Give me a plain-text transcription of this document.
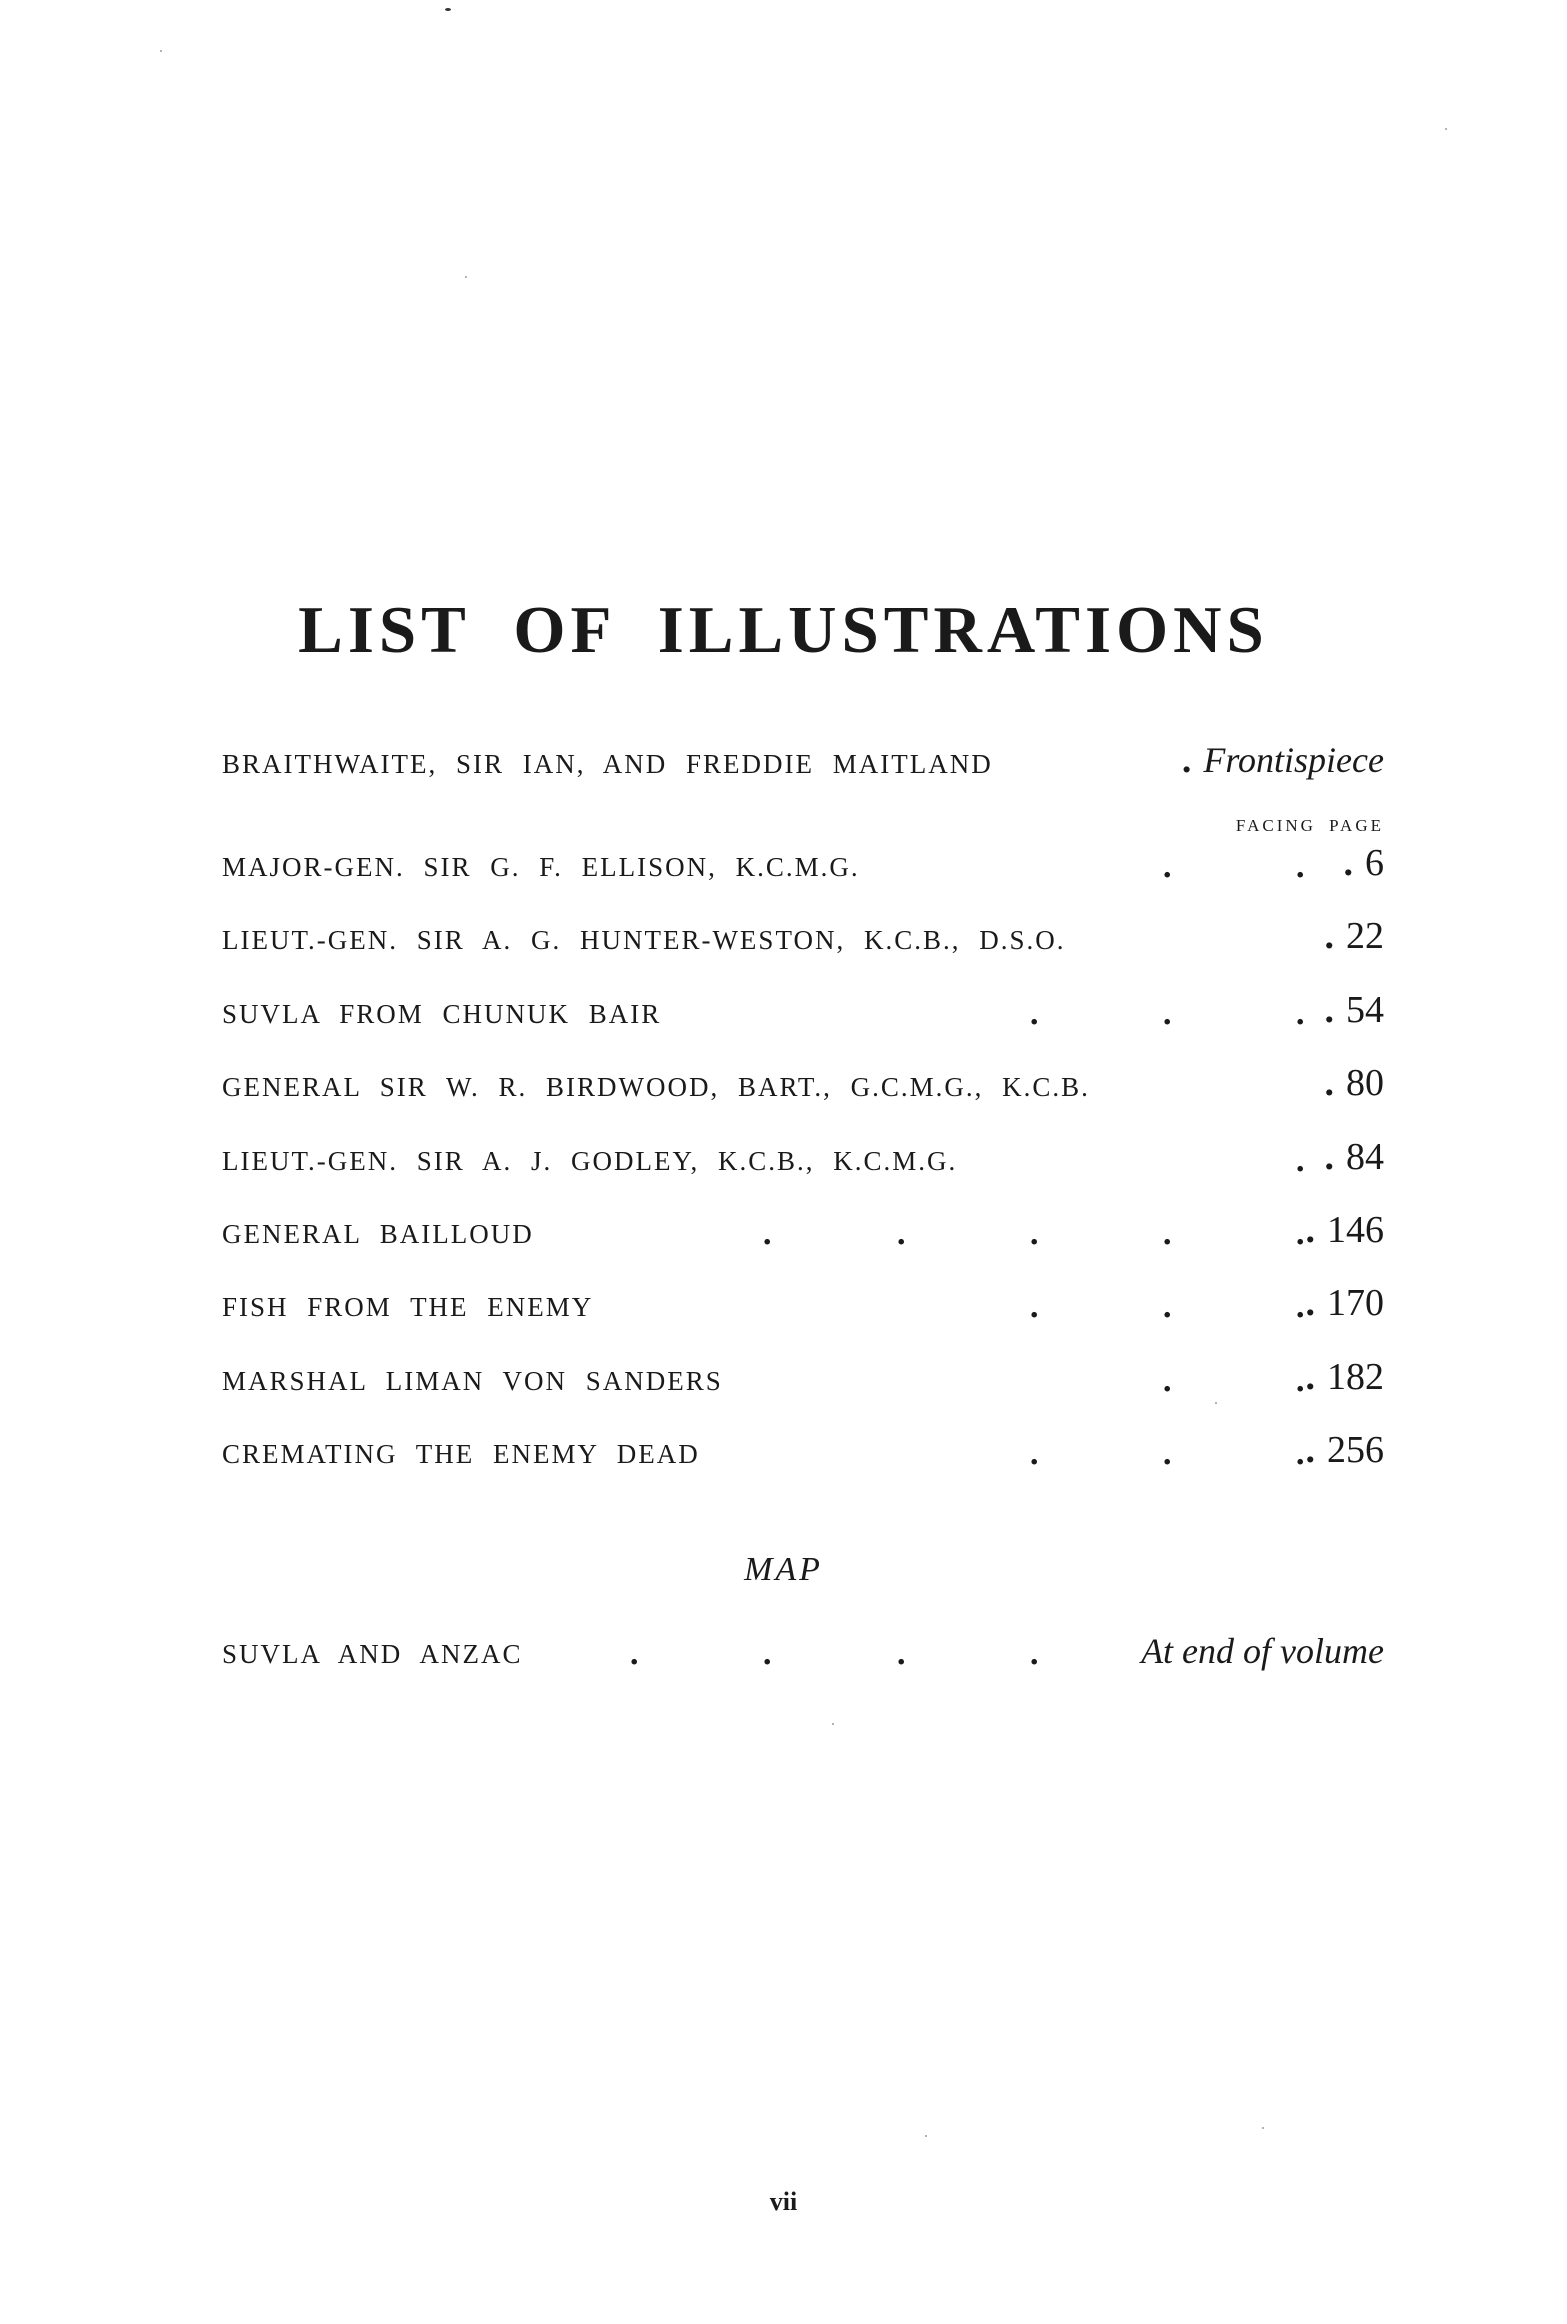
LIST OF ILLUSTRATIONS
BRAITHWAITE, SIR IAN, AND FREDDIE MAITLAND	. Frontispiece
FACING PAGE
MAJOR-GEN. SIR G. F. ELLISON, K.C.M.G.	.	. . 6
LIEUT.-GEN. SIR A. G. HUNTER-WESTON, K.C.B., D.S.O.	. 22
SUVLA FROM CHUNUK BAIR	.	.	. . 54
GENERAL SIR W. R. BIRDWOOD, BART., G.C.M.G., K.C.B.	. 80
LIEUT.-GEN. SIR A. J. GODLEY, K.C.B., K.C.M.G.	. . 84
GENERAL BAILLOUD	.	.	.	.	. . 146
FISH FROM THE ENEMY	.	.	. . 170
MARSHAL LIMAN VON SANDERS	.	. . 182
CREMATING THE ENEMY DEAD	.	.	. . 256
MAP
SUVLA AND ANZAC	.	.	.	.	At end of volume
vii
